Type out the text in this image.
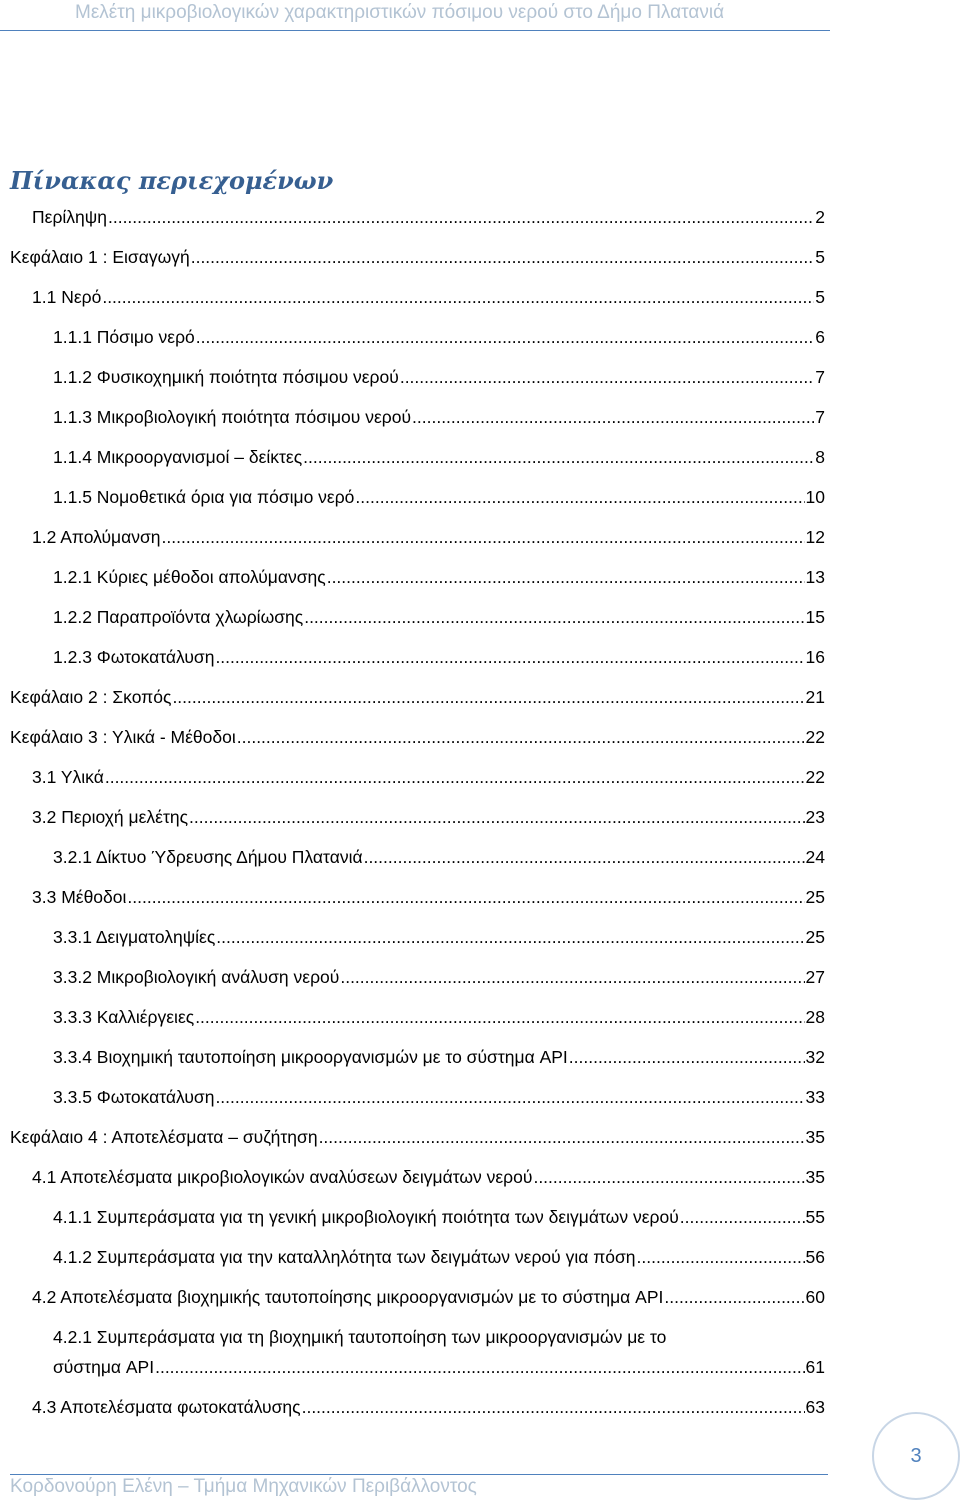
Μελέτη μικροβιολογικών χαρακτηριστικών πόσιμου νερού στο Δήμο Πλατανιά
Πίνακας περιεχομένων
Περίληψη .....	2
Κεφάλαιο 1 : Εισαγωγή .....	5
1.1 Νερό .....	5
1.1.1 Πόσιμο νερό .....	6
1.1.2 Φυσικοχημική ποιότητα πόσιμου νερού .....	7
1.1.3 Μικροβιολογική ποιότητα πόσιμου νερού .....	7
1.1.4 Μικροοργανισμοί – δείκτες .....	8
1.1.5 Νομοθετικά όρια για πόσιμο νερό .....	10
1.2 Απολύμανση .....	12
1.2.1 Κύριες μέθοδοι απολύμανσης .....	13
1.2.2 Παραπροϊόντα χλωρίωσης .....	15
1.2.3 Φωτοκατάλυση .....	16
Κεφάλαιο 2 : Σκοπός .....	21
Κεφάλαιο 3 : Υλικά - Μέθοδοι .....	22
3.1 Υλικά .....	22
3.2 Περιοχή μελέτης .....	23
3.2.1 Δίκτυο Ύδρευσης Δήμου Πλατανιά .....	24
3.3 Μέθοδοι .....	25
3.3.1 Δειγματοληψίες .....	25
3.3.2 Μικροβιολογική ανάλυση νερού .....	27
3.3.3 Καλλιέργειες .....	28
3.3.4 Βιοχημική ταυτοποίηση μικροοργανισμών με το σύστημα API .....	32
3.3.5 Φωτοκατάλυση .....	33
Κεφάλαιο 4 : Αποτελέσματα – συζήτηση .....	35
4.1 Αποτελέσματα μικροβιολογικών αναλύσεων δειγμάτων νερού .....	35
4.1.1 Συμπεράσματα για τη γενική μικροβιολογική ποιότητα των δειγμάτων νερού .....	55
4.1.2 Συμπεράσματα για την καταλληλότητα των δειγμάτων νερού για πόση .....	56
4.2 Αποτελέσματα βιοχημικής ταυτοποίησης μικροοργανισμών με το σύστημα API .....	60
4.2.1 Συμπεράσματα για τη βιοχημική ταυτοποίηση των μικροοργανισμών με το
σύστημα API .....	61
4.3 Αποτελέσματα φωτοκατάλυσης .....	63
Κορδονούρη Ελένη – Τμήμα Μηχανικών Περιβάλλοντος
3
